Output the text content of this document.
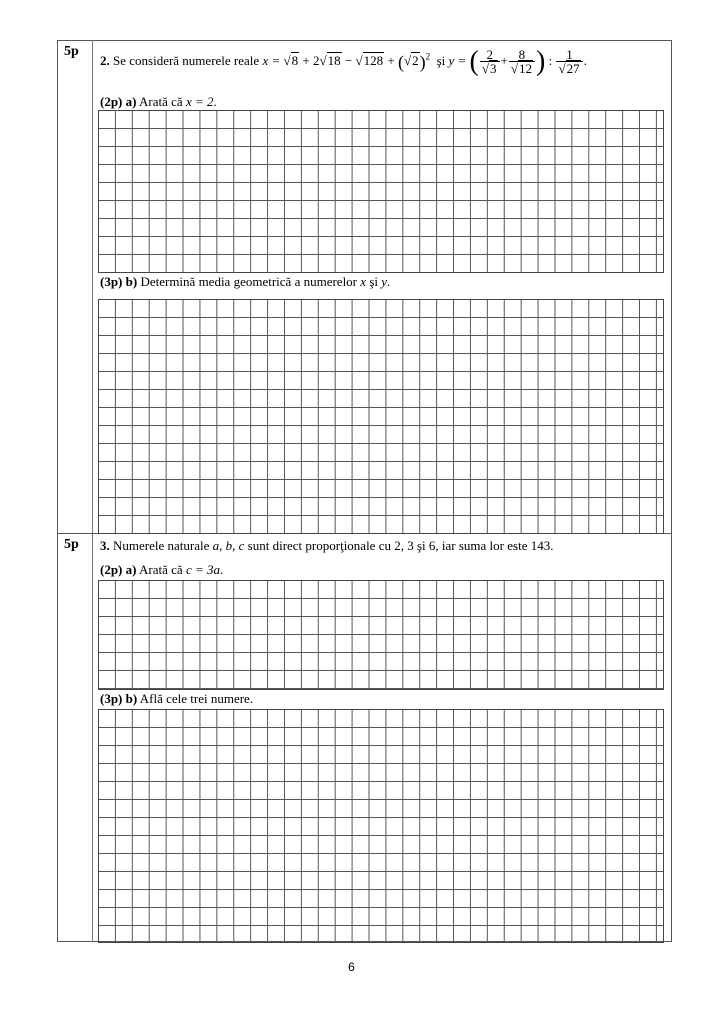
5p
2. Se consideră numerele reale $x = √8 + 2√18 - √128 + (√2)^2$ şi y = ( $\frac{2}{√3} + \frac{8}{√12}$ ) : $\frac{1}{√27}$ .
(2p) a) Arată că x = 2.
(3p) b) Determină media geometrică a numerelor x şi y.
5p 3. Numerele naturale a, b, c sunt direct proporţionale cu 2, 3 şi 6, iar suma lor este 143.
(2p) a) Arată că c = 3a.
(3p) b) Află cele trei numere.
6
